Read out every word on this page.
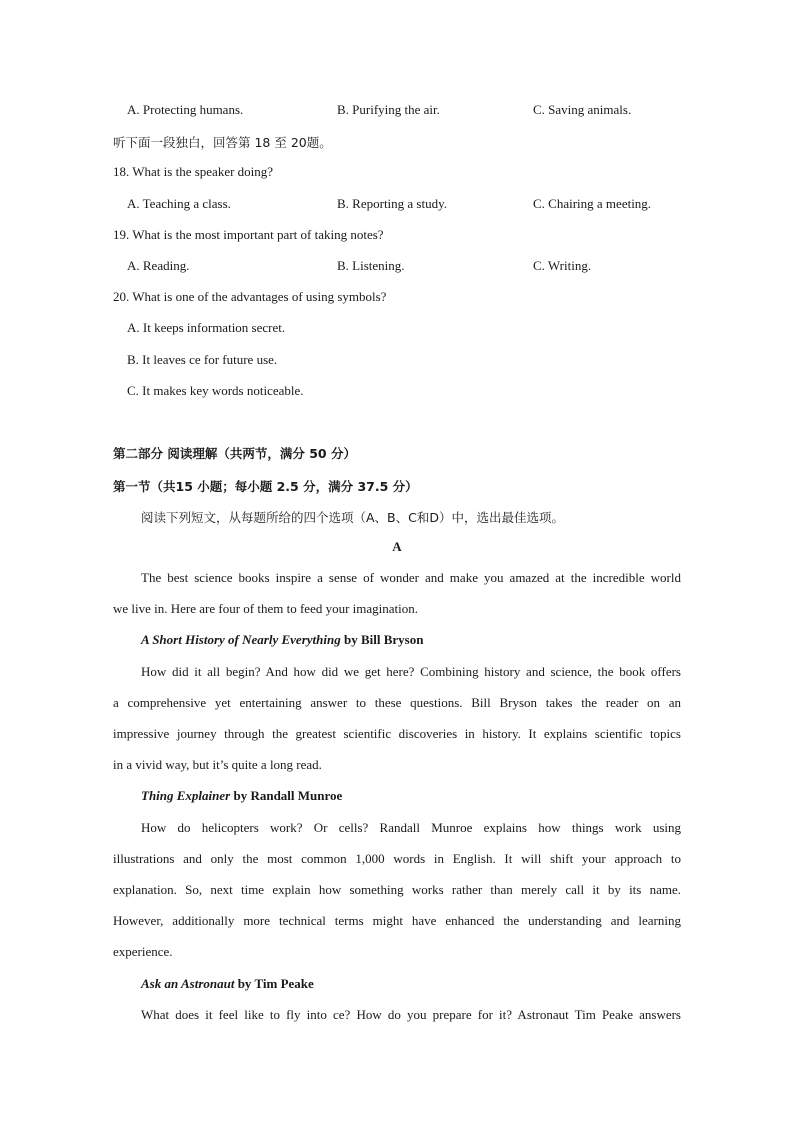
A. Protecting humans.	B. Purifying the air.	C. Saving animals.
听下面一段独白，回答第 18 至 20题。
18. What is the speaker doing?
A. Teaching a class.	B. Reporting a study.	C. Chairing a meeting.
19. What is the most important part of taking notes?
A. Reading.	B. Listening.	C. Writing.
20. What is one of the advantages of using symbols?
A. It keeps information secret.
B. It leaves ce for future use.
C. It makes key words noticeable.
第二部分 阅读理解（共两节，满分 50 分）
第一节（共15 小题；每小题 2.5 分，满分 37.5 分）
阅读下列短文，从每题所给的四个选项（A、B、C和D）中，选出最佳选项。
A
The best science books inspire a sense of wonder and make you amazed at the incredible world
we live in. Here are four of them to feed your imagination.
A Short History of Nearly Everything by Bill Bryson
How did it all begin? And how did we get here? Combining history and science, the book offers
a comprehensive yet entertaining answer to these questions. Bill Bryson takes the reader on an
impressive journey through the greatest scientific discoveries in history. It explains scientific topics
in a vivid way, but it’s quite a long read.
Thing Explainer by Randall Munroe
How do helicopters work? Or cells? Randall Munroe explains how things work using
illustrations and only the most common 1,000 words in English. It will shift your approach to
explanation. So, next time explain how something works rather than merely call it by its name.
However, additionally more technical terms might have enhanced the understanding and learning
experience.
Ask an Astronaut by Tim Peake
What does it feel like to fly into ce? How do you prepare for it? Astronaut Tim Peake answers
